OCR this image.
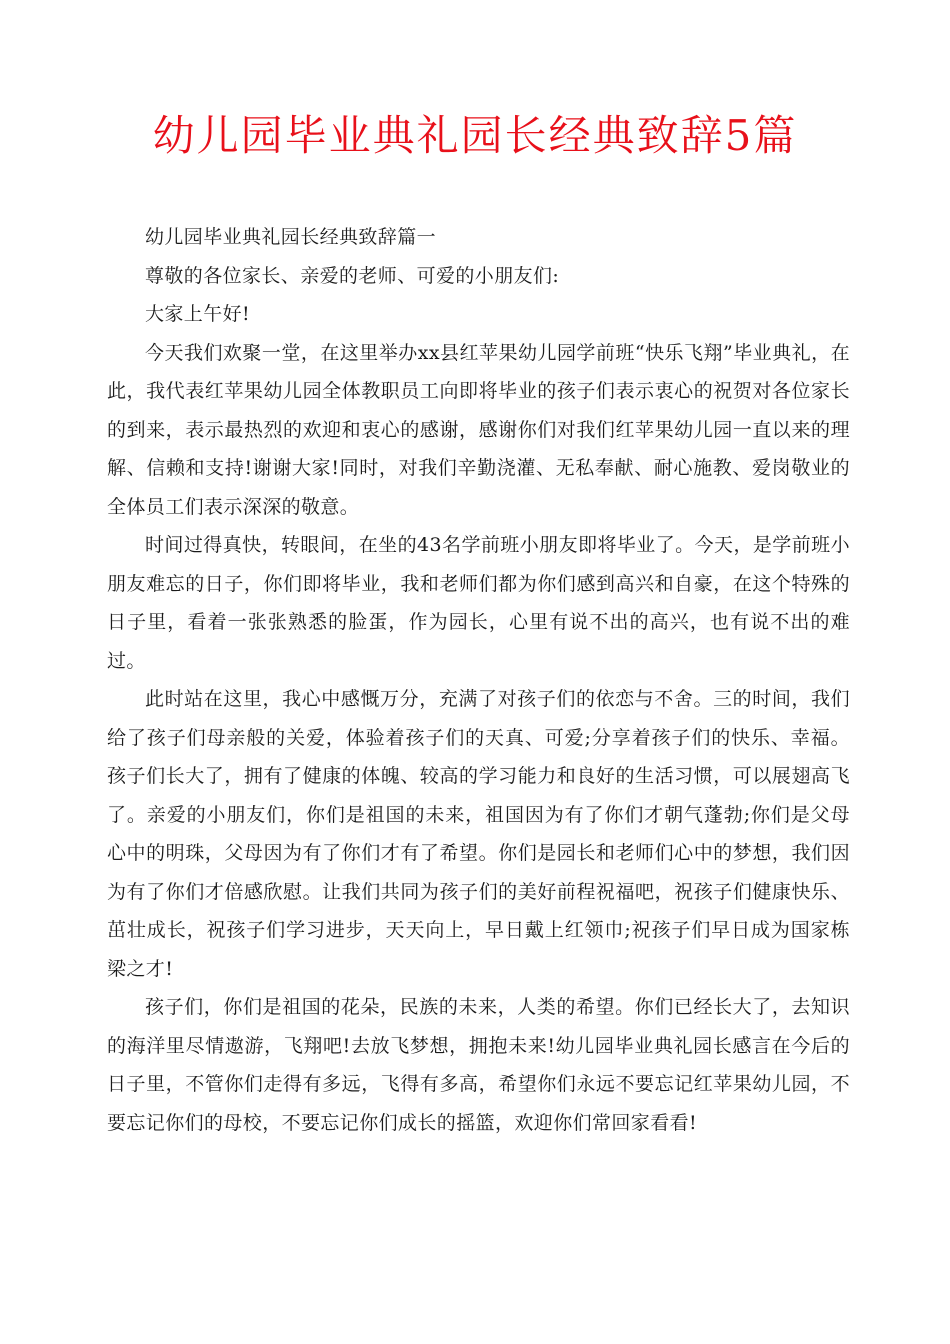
幼儿园毕业典礼园长经典致辞5篇

幼儿园毕业典礼园长经典致辞篇一

尊敬的各位家长、亲爱的老师、可爱的小朋友们:

大家上午好!

今天我们欢聚一堂，在这里举办xx县红苹果幼儿园学前班“快乐飞翔”毕业典礼，在此，我代表红苹果幼儿园全体教职员工向即将毕业的孩子们表示衷心的祝贺对各位家长的到来，表示最热烈的欢迎和衷心的感谢，感谢你们对我们红苹果幼儿园一直以来的理解、信赖和支持!谢谢大家!同时，对我们辛勤浇灌、无私奉献、耐心施教、爱岗敬业的全体员工们表示深深的敬意。

时间过得真快，转眼间，在坐的43名学前班小朋友即将毕业了。今天，是学前班小朋友难忘的日子，你们即将毕业，我和老师们都为你们感到高兴和自豪，在这个特殊的日子里，看着一张张熟悉的脸蛋，作为园长，心里有说不出的高兴，也有说不出的难过。

此时站在这里，我心中感慨万分，充满了对孩子们的依恋与不舍。三的时间，我们给了孩子们母亲般的关爱，体验着孩子们的天真、可爱;分享着孩子们的快乐、幸福。孩子们长大了，拥有了健康的体魄、较高的学习能力和良好的生活习惯，可以展翅高飞了。亲爱的小朋友们，你们是祖国的未来，祖国因为有了你们才朝气蓬勃;你们是父母心中的明珠，父母因为有了你们才有了希望。你们是园长和老师们心中的梦想，我们因为有了你们才倍感欣慰。让我们共同为孩子们的美好前程祝福吧，祝孩子们健康快乐、茁壮成长，祝孩子们学习进步，天天向上，早日戴上红领巾;祝孩子们早日成为国家栋梁之才!

孩子们，你们是祖国的花朵，民族的未来，人类的希望。你们已经长大了，去知识的海洋里尽情遨游，飞翔吧!去放飞梦想，拥抱未来!幼儿园毕业典礼园长感言在今后的日子里，不管你们走得有多远，飞得有多高，希望你们永远不要忘记红苹果幼儿园，不要忘记你们的母校，不要忘记你们成长的摇篮，欢迎你们常回家看看!
